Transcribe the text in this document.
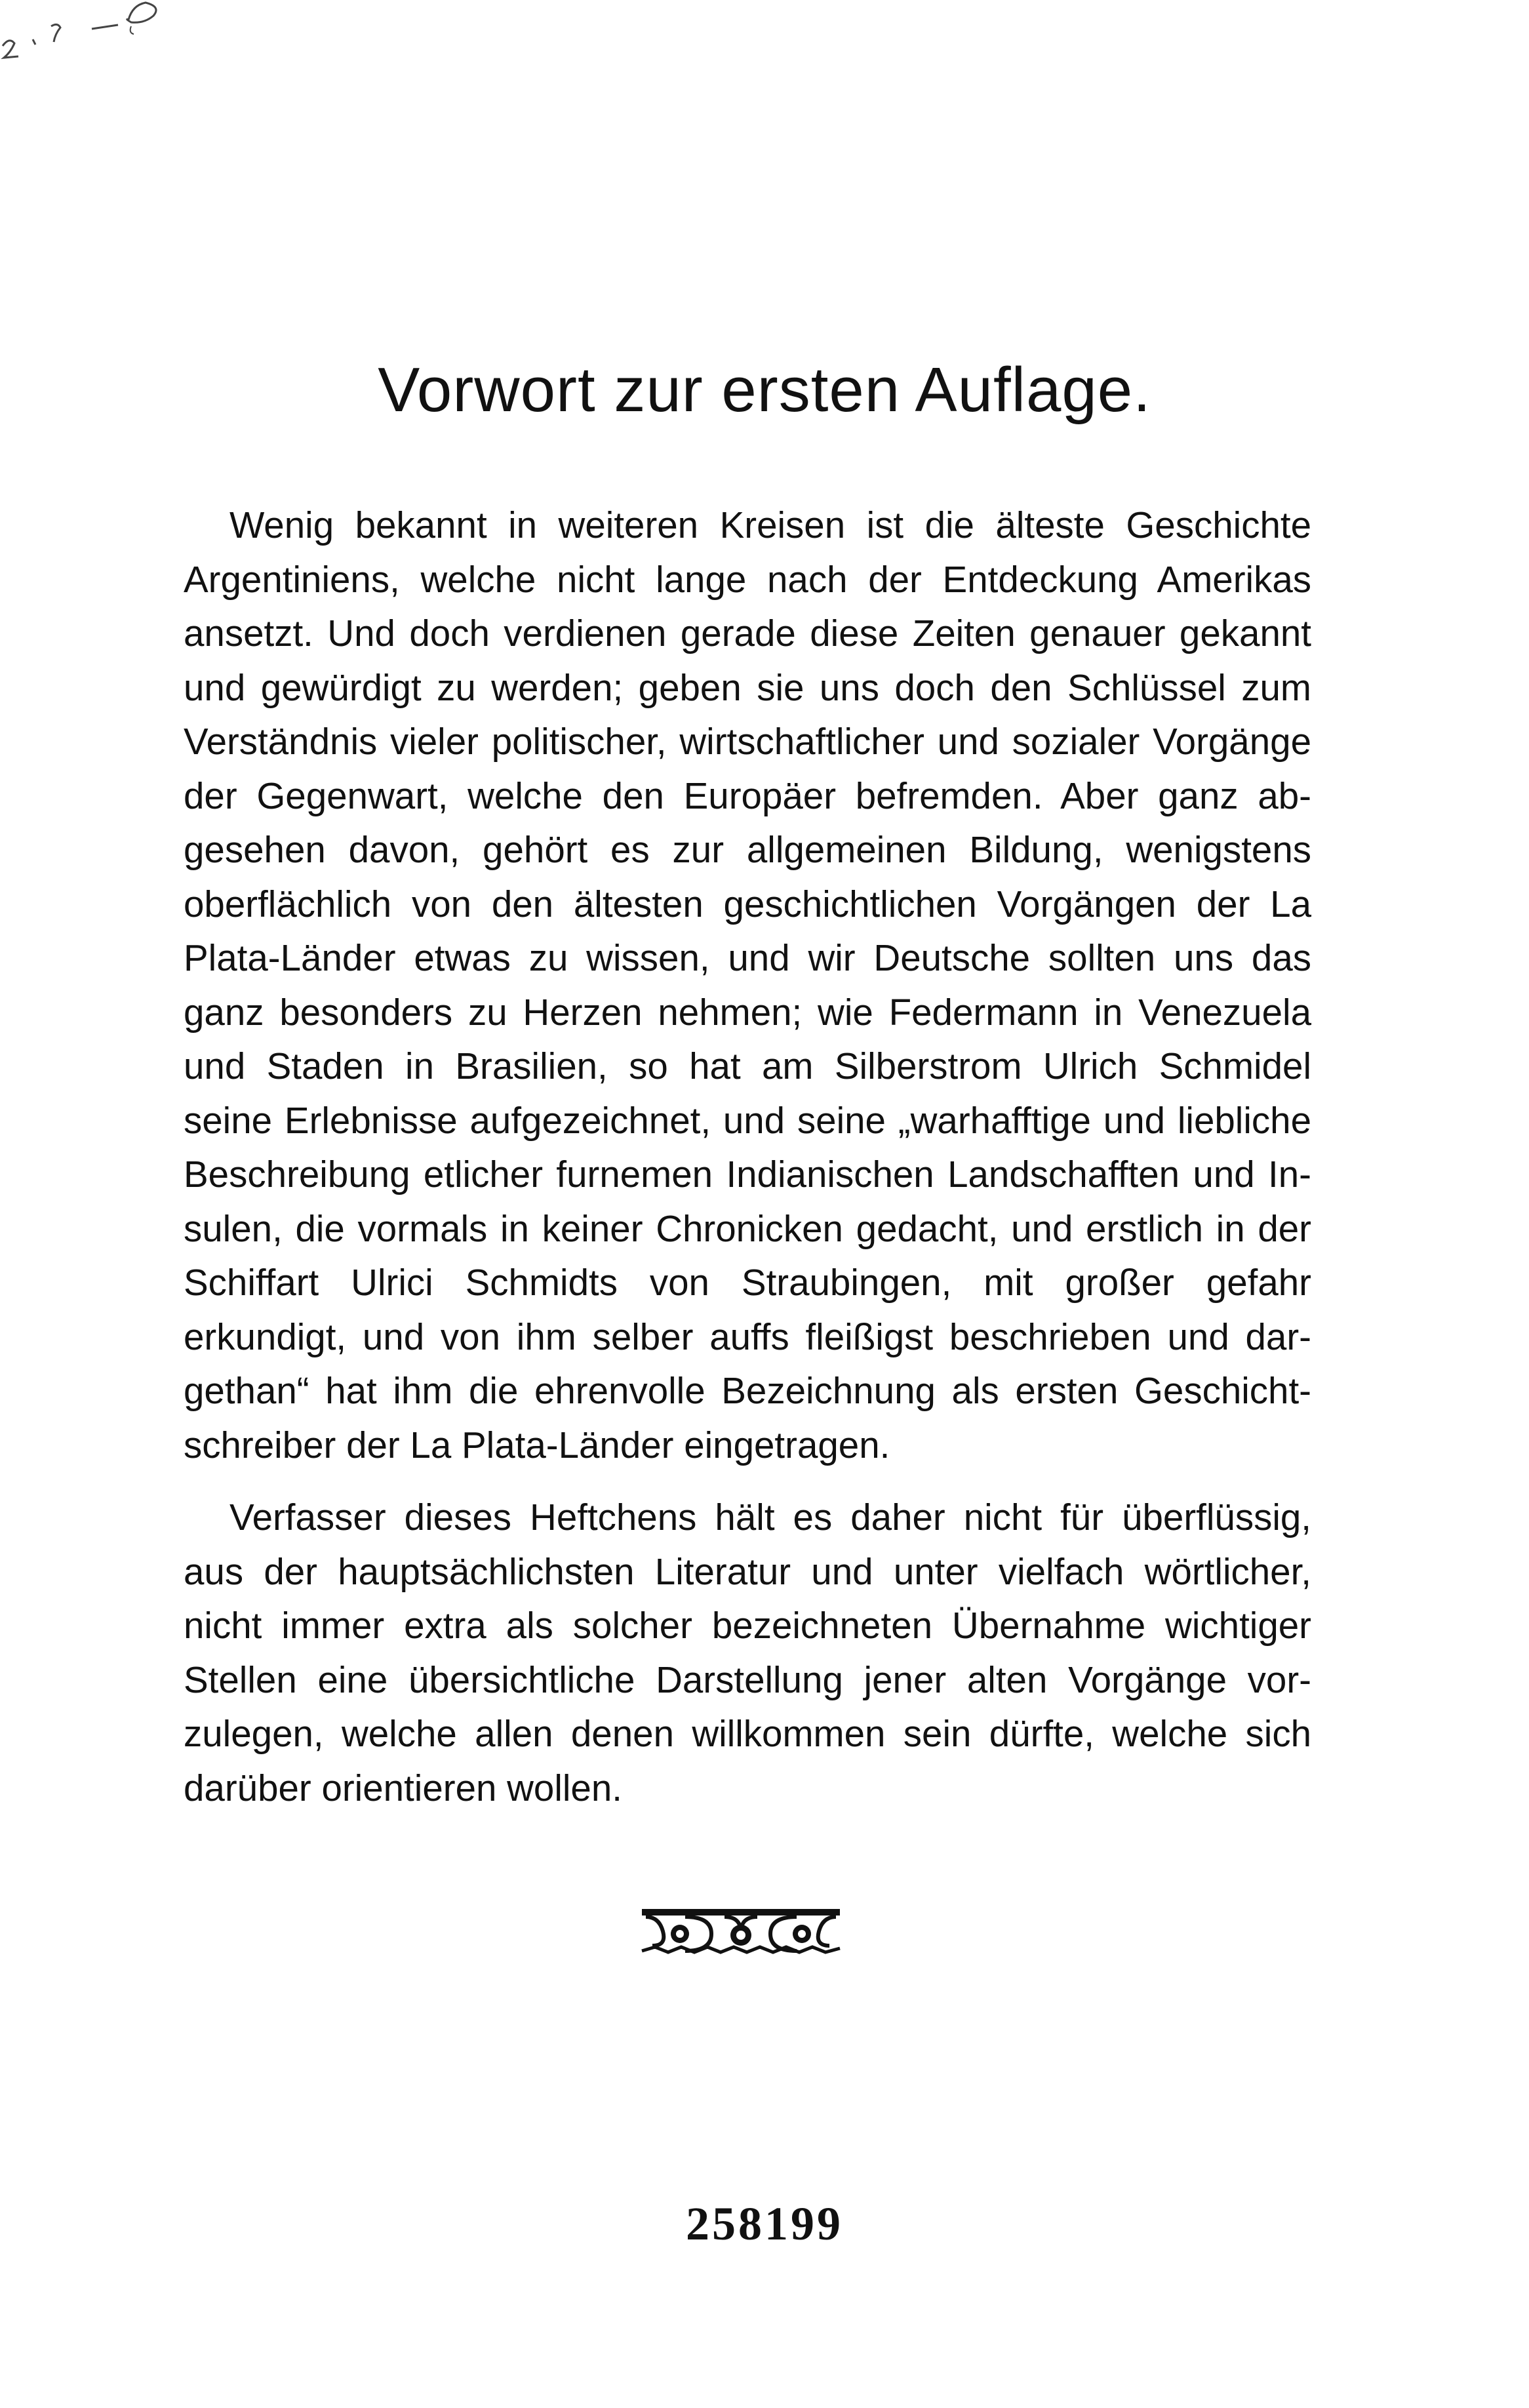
Vorwort zur ersten Auflage.

Wenig bekannt in weiteren Kreisen ist die älteste Geschichte Argentiniens, welche nicht lange nach der Entdeckung Amerikas ansetzt. Und doch verdienen gerade diese Zeiten genauer gekannt und gewürdigt zu werden; geben sie uns doch den Schlüssel zum Verständnis vieler politischer, wirtschaftlicher und sozialer Vorgänge der Gegenwart, welche den Europäer befremden. Aber ganz abgesehen davon, gehört es zur allgemeinen Bildung, wenigstens oberflächlich von den ältesten geschichtlichen Vorgängen der La Plata-Länder etwas zu wissen, und wir Deutsche sollten uns das ganz besonders zu Herzen nehmen; wie Federmann in Venezuela und Staden in Brasilien, so hat am Silberstrom Ulrich Schmidel seine Erlebnisse aufgezeichnet, und seine „warhafftige und liebliche Beschreibung etlicher furnemen Indianischen Landschafften und Insulen, die vormals in keiner Chronicken gedacht, und erstlich in der Schiffart Ulrici Schmidts von Straubingen, mit großer gefahr erkundigt, und von ihm selber auffs fleißigst beschrieben und dargethan“ hat ihm die ehrenvolle Bezeichnung als ersten Geschichtschreiber der La Plata-Länder eingetragen.

Verfasser dieses Heftchens hält es daher nicht für überflüssig, aus der hauptsächlichsten Literatur und unter vielfach wörtlicher, nicht immer extra als solcher bezeichneten Übernahme wichtiger Stellen eine übersichtliche Darstellung jener alten Vorgänge vorzulegen, welche allen denen willkommen sein dürfte, welche sich darüber orientieren wollen.

258199
